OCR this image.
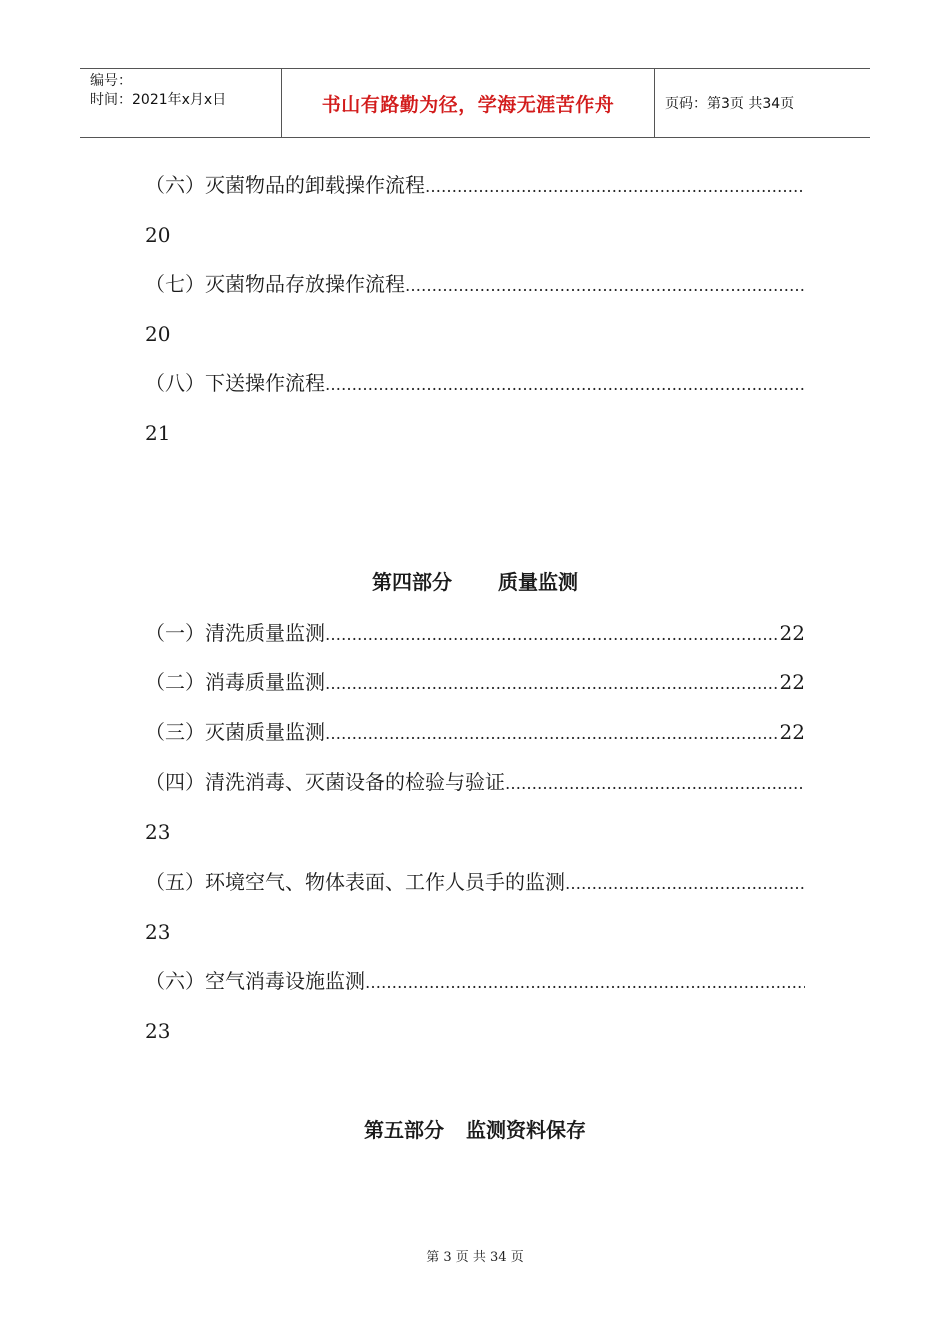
编号：
时间：2021年x月x日	书山有路勤为径，学海无涯苦作舟	页码：第3页 共34页
（六）灭菌物品的卸载操作流程
…………………………………………………………………………………………………………
20
（七）灭菌物品存放操作流程
…………………………………………………………………………………………………………
20
（八）下送操作流程
…………………………………………………………………………………………………………
21
第四部分 质量监测
（一）清洗质量监测 …………………………………………………………………………………………………………	22
（二）消毒质量监测 …………………………………………………………………………………………………………	22
（三）灭菌质量监测 …………………………………………………………………………………………………………	22
（四）清洗消毒、灭菌设备的检验与验证
…………………………………………………………………………………………………………
23
（五）环境空气、物体表面、工作人员手的监测
…………………………………………………………………………………………………………
23
（六）空气消毒设施监测
…………………………………………………………………………………………………………
23
第五部分 监测资料保存
第 3 页 共 34 页
